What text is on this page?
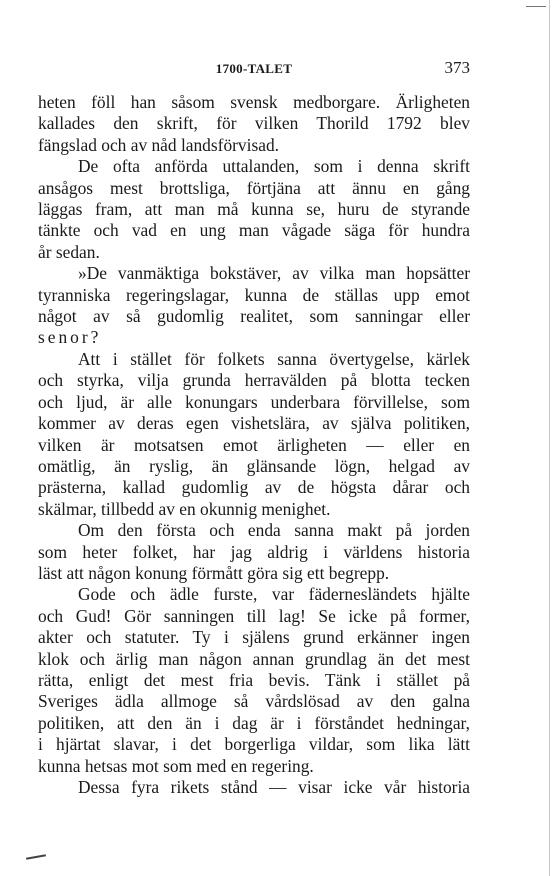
1700-TALET	373

heten föll han såsom svensk medborgare. Ärligheten
kallades den skrift, för vilken Thorild 1792 blev
fängslad och av nåd landsförvisad.

De ofta anförda uttalanden, som i denna skrift
ansågos mest brottsliga, förtjäna att ännu en gång
läggas fram, att man må kunna se, huru de styrande
tänkte och vad en ung man vågade säga för hundra
år sedan.

»De vanmäktiga bokstäver, av vilka man hopsätter
tyranniska regeringslagar, kunna de ställas upp emot
något av så gudomlig realitet, som sanningar eller
senor?

Att i stället för folkets sanna övertygelse, kärlek
och styrka, vilja grunda herravälden på blotta tecken
och ljud, är alle konungars underbara förvillelse, som
kommer av deras egen vishetslära, av själva politiken,
vilken är motsatsen emot ärligheten — eller en
omätlig, än ryslig, än glänsande lögn, helgad av
prästerna, kallad gudomlig av de högsta dårar och
skälmar, tillbedd av en okunnig menighet.

Om den första och enda sanna makt på jorden
som heter folket, har jag aldrig i världens historia
läst att någon konung förmått göra sig ett begrepp.

Gode och ädle furste, var fädernesländets hjälte
och Gud! Gör sanningen till lag! Se icke på former,
akter och statuter. Ty i själens grund erkänner ingen
klok och ärlig man någon annan grundlag än det mest
rätta, enligt det mest fria bevis. Tänk i stället på
Sveriges ädla allmoge så vårdslösad av den galna
politiken, att den än i dag är i förståndet hedningar,
i hjärtat slavar, i det borgerliga vildar, som lika lätt
kunna hetsas mot som med en regering.

Dessa fyra rikets stånd — visar icke vår historia
